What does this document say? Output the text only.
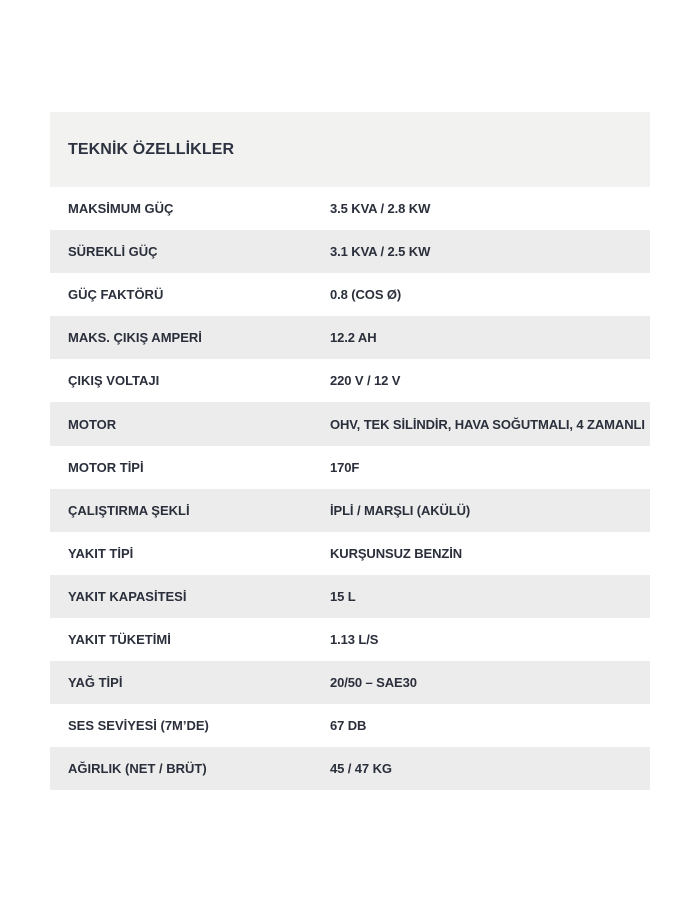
TEKNİK ÖZELLİKLER
MAKSİMUM GÜÇ	3.5 KVA / 2.8 KW
SÜREKLİ GÜÇ	3.1 KVA / 2.5 KW
GÜÇ FAKTÖRÜ	0.8 (COS Ø)
MAKS. ÇIKIŞ AMPERİ	12.2 AH
ÇIKIŞ VOLTAJI	220 V / 12 V
MOTOR	OHV, TEK SİLİNDİR, HAVA SOĞUTMALI, 4 ZAMANLI
MOTOR TİPİ	170F
ÇALIŞTIRMA ŞEKLİ	İPLİ / MARŞLI (AKÜLÜ)
YAKIT TİPİ	KURŞUNSUZ BENZİN
YAKIT KAPASİTESİ	15 L
YAKIT TÜKETİMİ	1.13 L/S
YAĞ TİPİ	20/50 – SAE30
SES SEVİYESİ (7M’DE)	67 DB
AĞIRLIK (NET / BRÜT)	45 / 47 KG
